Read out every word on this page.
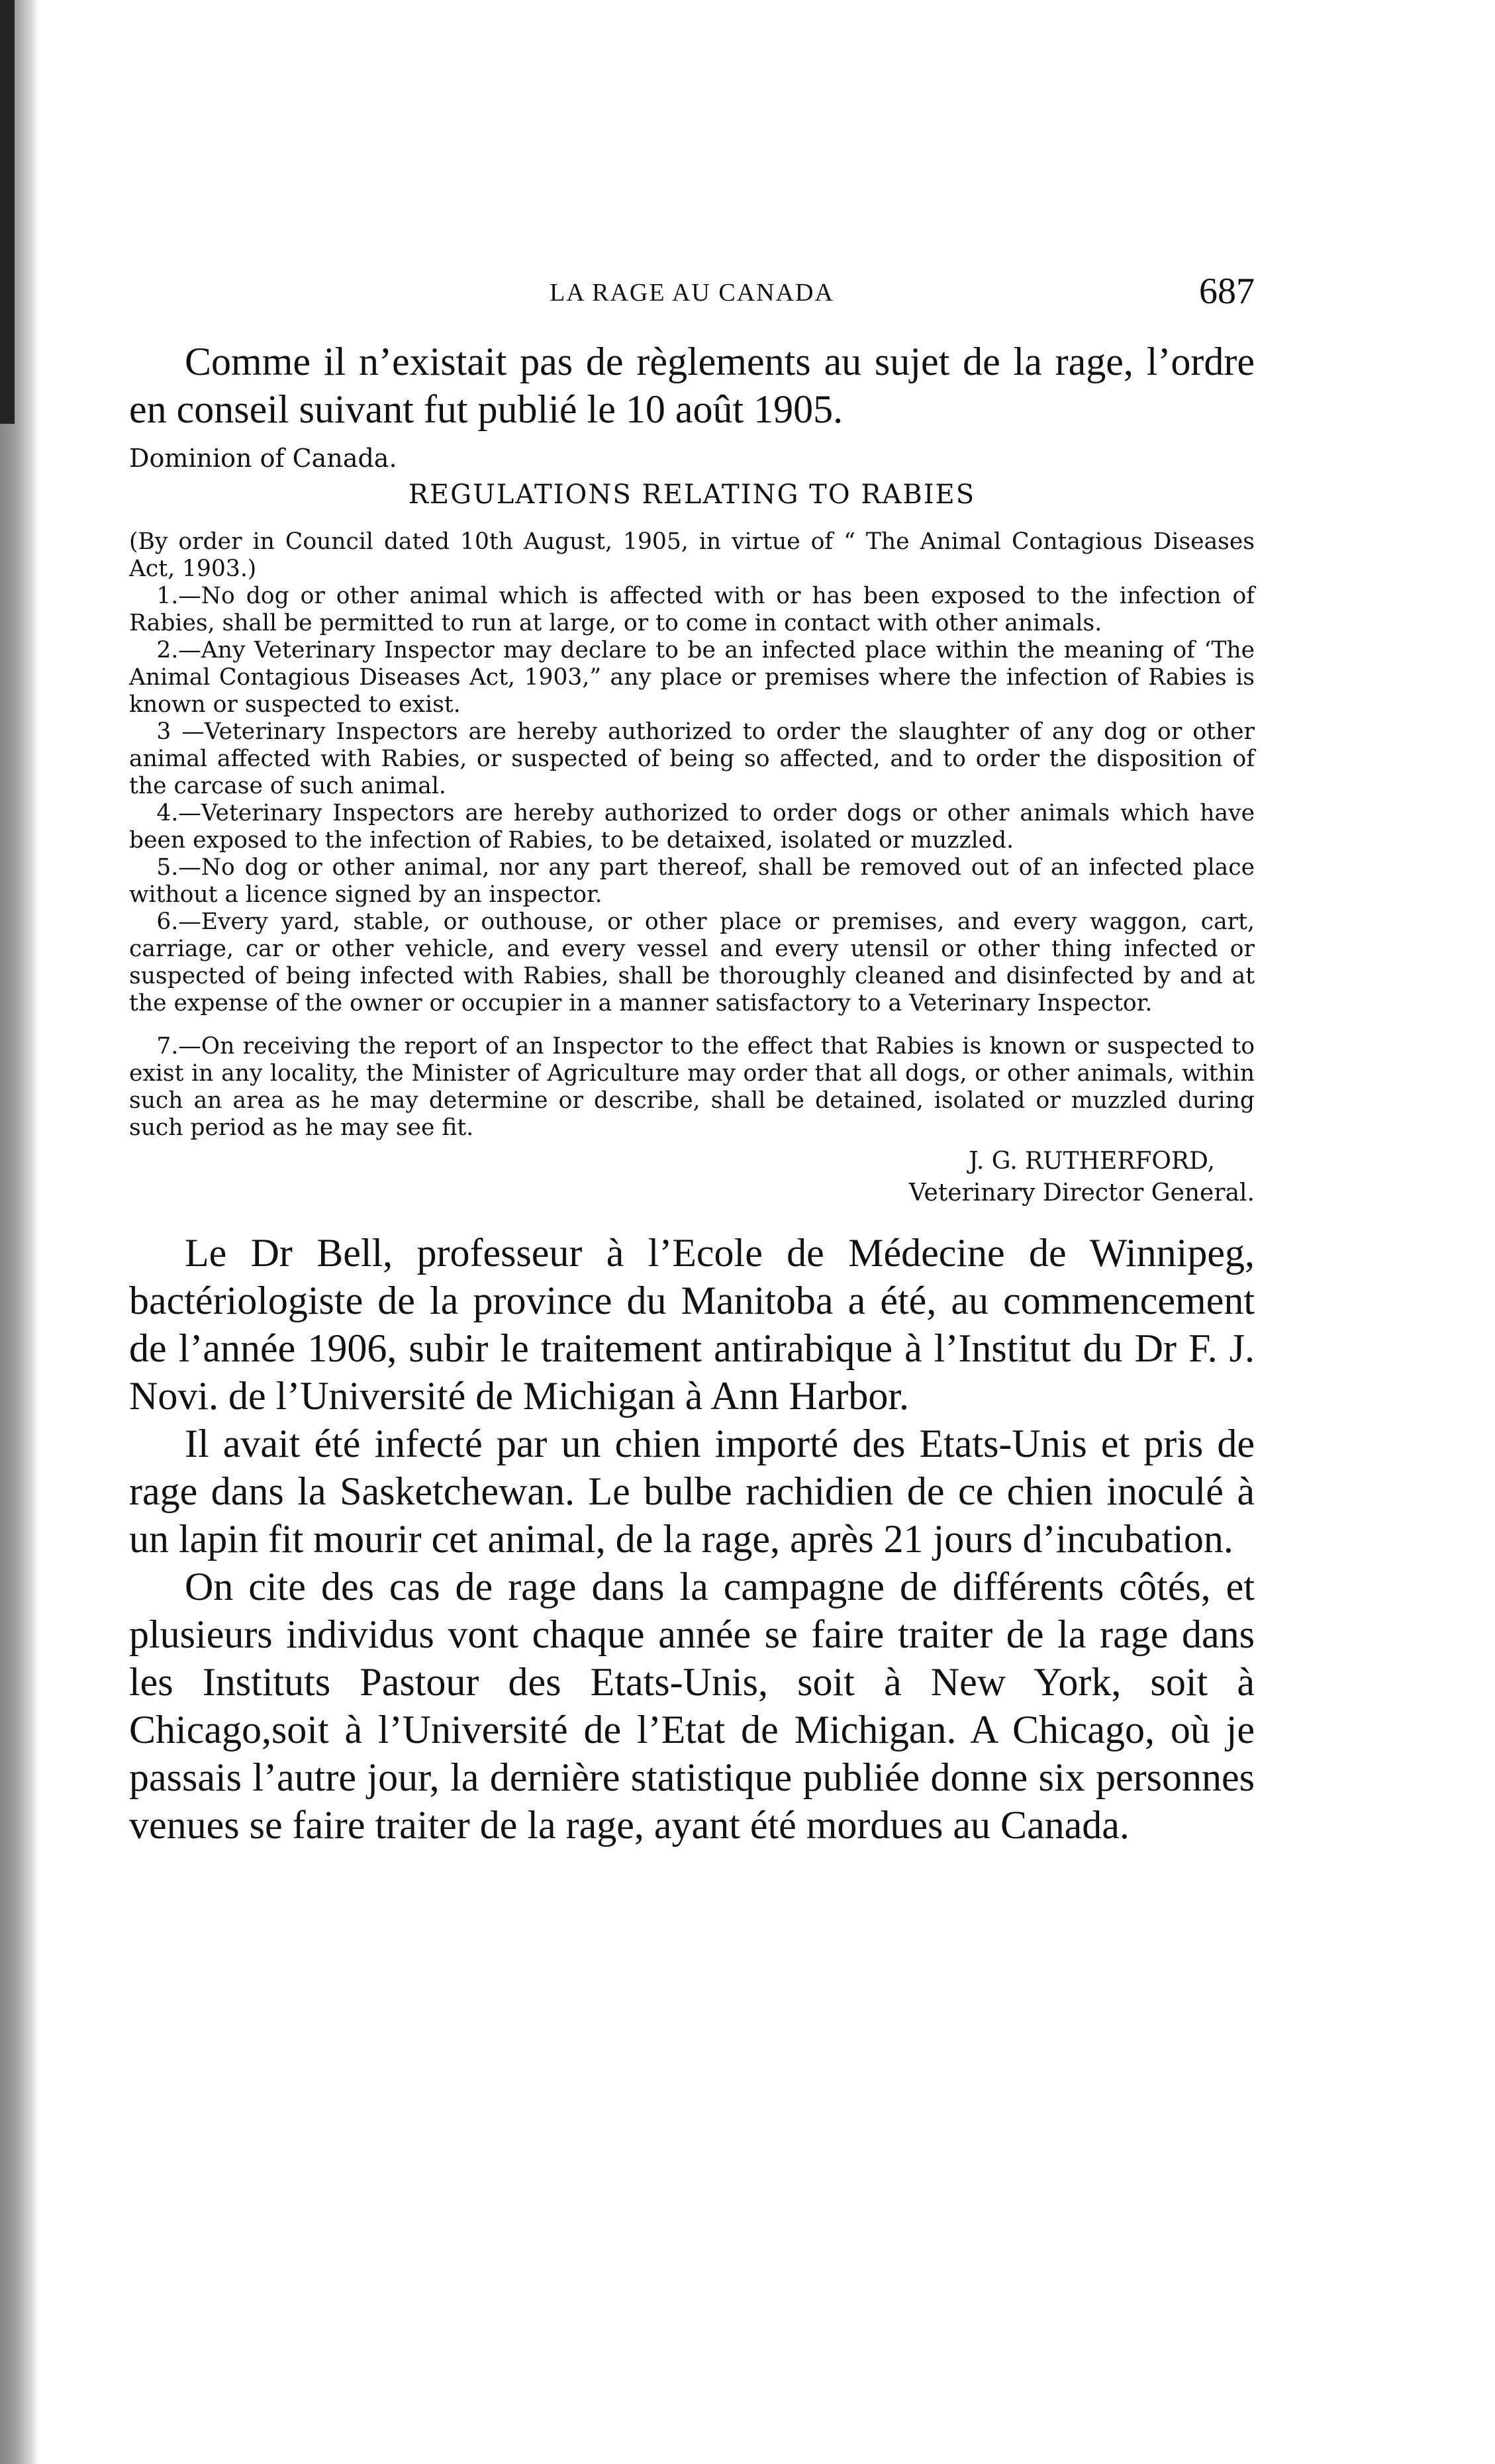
LA RAGE AU CANADA	687

Comme il n’existait pas de règlements au sujet de la rage, l’ordre en conseil suivant fut publié le 10 août 1905.

Dominion of Canada.

REGULATIONS RELATING TO RABIES

(By order in Council dated 10th August, 1905, in virtue of “ The Animal Contagious Diseases Act, 1903.)

1.—No dog or other animal which is affected with or has been exposed to the infection of Rabies, shall be permitted to run at large, or to come in contact with other animals.

2.—Any Veterinary Inspector may declare to be an infected place within the meaning of ‘The Animal Contagious Diseases Act, 1903,” any place or premises where the infection of Rabies is known or suspected to exist.

3 —Veterinary Inspectors are hereby authorized to order the slaughter of any dog or other animal affected with Rabies, or suspected of being so affected, and to order the disposition of the carcase of such animal.

4.—Veterinary Inspectors are hereby authorized to order dogs or other animals which have been exposed to the infection of Rabies, to be detaixed, isolated or muzzled.

5.—No dog or other animal, nor any part thereof, shall be removed out of an infected place without a licence signed by an inspector.

6.—Every yard, stable, or outhouse, or other place or premises, and every waggon, cart, carriage, car or other vehicle, and every vessel and every utensil or other thing infected or suspected of being infected with Rabies, shall be thoroughly cleaned and disinfected by and at the expense of the owner or occupier in a manner satisfactory to a Veterinary Inspector.

7.—On receiving the report of an Inspector to the effect that Rabies is known or suspected to exist in any locality, the Minister of Agriculture may order that all dogs, or other animals, within such an area as he may determine or describe, shall be detained, isolated or muzzled during such period as he may see fit.

J. G. RUTHERFORD,
Veterinary Director General.

Le Dr Bell, professeur à l’Ecole de Médecine de Winnipeg, bactériologiste de la province du Manitoba a été, au commencement de l’année 1906, subir le traitement antirabique à l’Institut du Dr F. J. Novi. de l’Université de Michigan à Ann Harbor.

Il avait été infecté par un chien importé des Etats-Unis et pris de rage dans la Sasketchewan. Le bulbe rachidien de ce chien inoculé à un lapin fit mourir cet animal, de la rage, après 21 jours d’incubation.

On cite des cas de rage dans la campagne de différents côtés, et plusieurs individus vont chaque année se faire traiter de la rage dans les Instituts Pastour des Etats-Unis, soit à New York, soit à Chicago,soit à l’Université de l’Etat de Michigan. A Chicago, où je passais l’autre jour, la dernière statistique publiée donne six personnes venues se faire traiter de la rage, ayant été mordues au Canada.
